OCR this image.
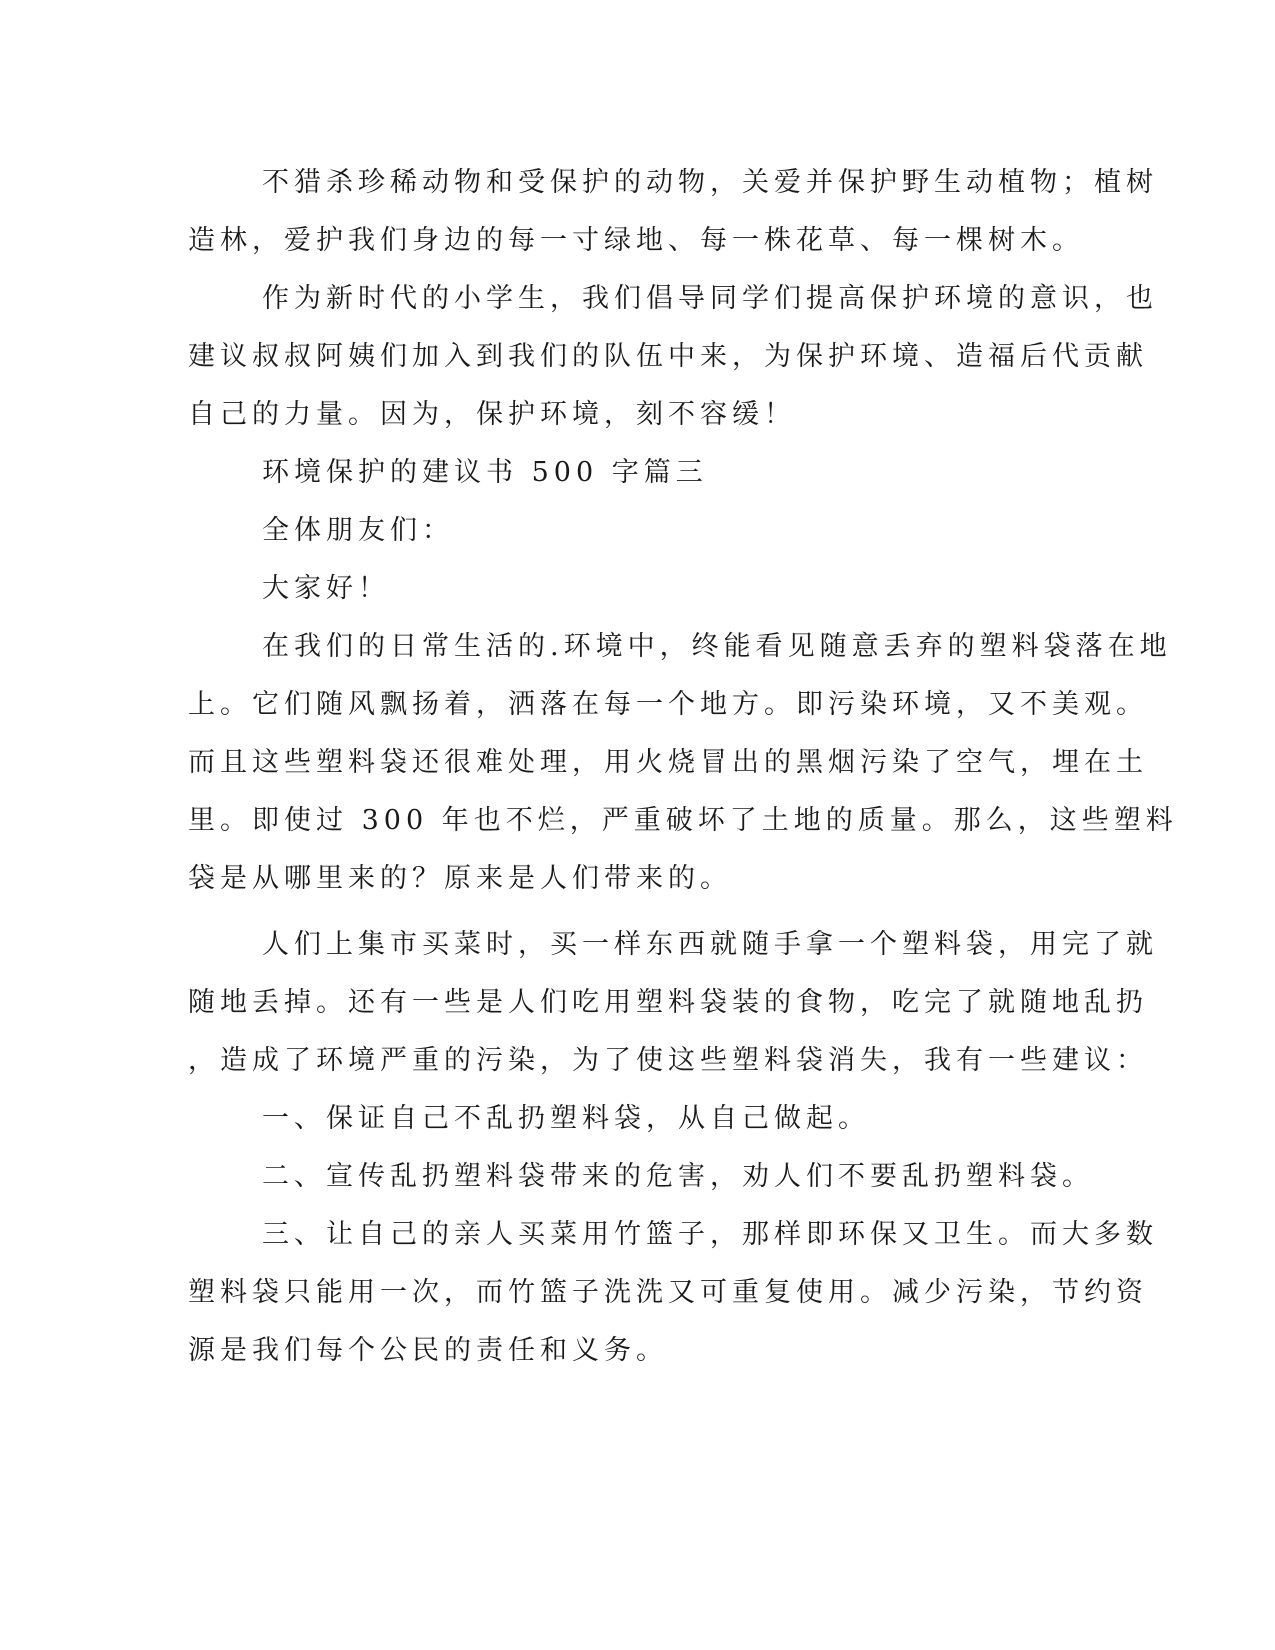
不猎杀珍稀动物和受保护的动物，关爱并保护野生动植物；植树
造林，爱护我们身边的每一寸绿地、每一株花草、每一棵树木。
作为新时代的小学生，我们倡导同学们提高保护环境的意识，也
建议叔叔阿姨们加入到我们的队伍中来，为保护环境、造福后代贡献
自己的力量。因为，保护环境，刻不容缓！
环境保护的建议书 500 字篇三
全体朋友们：
大家好！
在我们的日常生活的.环境中，终能看见随意丢弃的塑料袋落在地
上。它们随风飘扬着，洒落在每一个地方。即污染环境，又不美观。
而且这些塑料袋还很难处理，用火烧冒出的黑烟污染了空气，埋在土
里。即使过 300 年也不烂，严重破坏了土地的质量。那么，这些塑料
袋是从哪里来的？原来是人们带来的。
人们上集市买菜时，买一样东西就随手拿一个塑料袋，用完了就
随地丢掉。还有一些是人们吃用塑料袋装的食物，吃完了就随地乱扔
，造成了环境严重的污染，为了使这些塑料袋消失，我有一些建议：
一、保证自己不乱扔塑料袋，从自己做起。
二、宣传乱扔塑料袋带来的危害，劝人们不要乱扔塑料袋。
三、让自己的亲人买菜用竹篮子，那样即环保又卫生。而大多数
塑料袋只能用一次，而竹篮子洗洗又可重复使用。减少污染，节约资
源是我们每个公民的责任和义务。
